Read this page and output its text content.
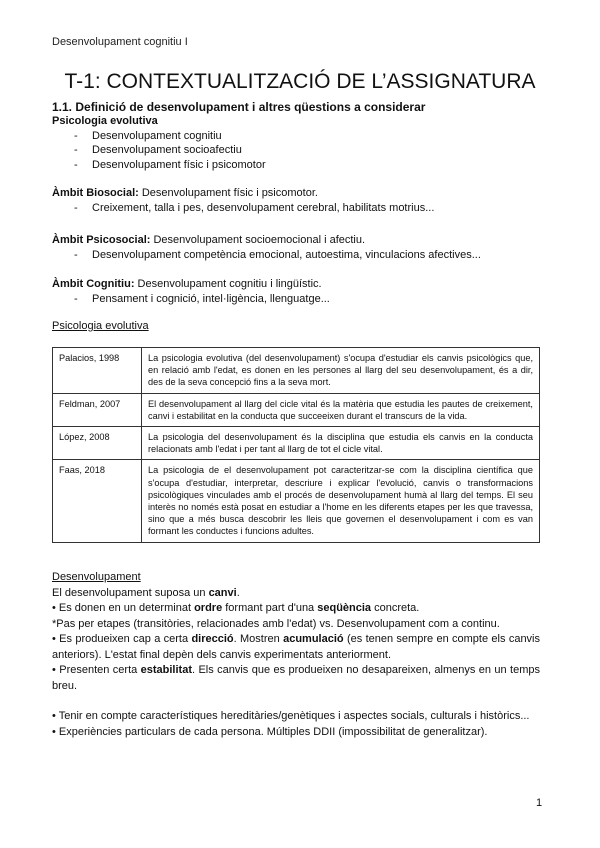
Desenvolupament cognitiu I
T-1: CONTEXTUALITZACIÓ DE L’ASSIGNATURA
1.1. Definició de desenvolupament i altres qüestions a considerar
Psicologia evolutiva
- Desenvolupament cognitiu
- Desenvolupament socioafectiu
- Desenvolupament físic i psicomotor
Àmbit Biosocial: Desenvolupament físic i psicomotor.
- Creixement, talla i pes, desenvolupament cerebral, habilitats motrius...
Àmbit Psicosocial: Desenvolupament socioemocional i afectiu.
- Desenvolupament competència emocional, autoestima, vinculacions afectives...
Àmbit Cognitiu: Desenvolupament cognitiu i lingüístic.
- Pensament i cognició, intel·ligència, llenguatge...
Psicologia evolutiva
Palacios, 1998	La psicologia evolutiva (del desenvolupament) s'ocupa d'estudiar els canvis psicològics que, en relació amb l'edat, es donen en les persones al llarg del seu desenvolupament, és a dir, des de la seva concepció fins a la seva mort.
Feldman, 2007	El desenvolupament al llarg del cicle vital és la matèria que estudia les pautes de creixement, canvi i estabilitat en la conducta que succeeixen durant el transcurs de la vida.
López, 2008	La psicologia del desenvolupament és la disciplina que estudia els canvis en la conducta relacionats amb l'edat i per tant al llarg de tot el cicle vital.
Faas, 2018	La psicologia de el desenvolupament pot caracteritzar-se com la disciplina científica que s'ocupa d'estudiar, interpretar, descriure i explicar l'evolució, canvis o transformacions psicològiques vinculades amb el procés de desenvolupament humà al llarg del temps. El seu interès no només està posat en estudiar a l'home en les diferents etapes per les que travessa, sino que a més busca descobrir les lleis que governen el desenvolupament i com es van formant les conductes i funcions adultes.
Desenvolupament
El desenvolupament suposa un canvi.
• Es donen en un determinat ordre formant part d'una seqüència concreta.
*Pas per etapes (transitòries, relacionades amb l'edat) vs. Desenvolupament com a continu.
• Es produeixen cap a certa direcció. Mostren acumulació (es tenen sempre en compte els canvis anteriors). L'estat final depèn dels canvis experimentats anteriorment.
• Presenten certa estabilitat. Els canvis que es produeixen no desapareixen, almenys en un temps breu.
• Tenir en compte característiques hereditàries/genètiques i aspectes socials, culturals i històrics...
• Experiències particulars de cada persona. Múltiples DDII (impossibilitat de generalitzar).
1
